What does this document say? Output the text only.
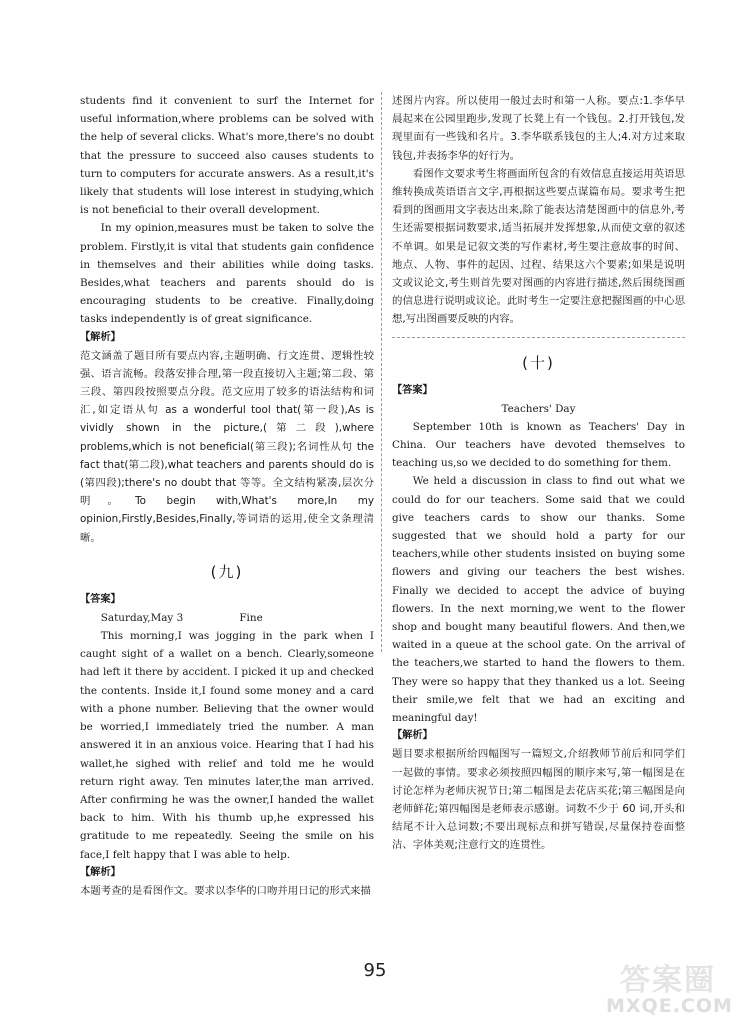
students find it convenient to surf the Internet for useful information,where problems can be solved with the help of several clicks. What's more,there's no doubt that the pressure to succeed also causes students to turn to computers for accurate answers. As a result,it's likely that students will lose interest in studying,which is not beneficial to their overall development.

In my opinion,measures must be taken to solve the problem. Firstly,it is vital that students gain confidence in themselves and their abilities while doing tasks. Besides,what teachers and parents should do is encouraging students to be creative. Finally,doing tasks independently is of great significance.

【解析】

范文涵盖了题目所有要点内容,主题明确、行文连贯、逻辑性较强、语言流畅。段落安排合理,第一段直接切入主题;第二段、第三段、第四段按照要点分段。范文应用了较多的语法结构和词汇,如定语从句 as a wonderful tool that(第一段),As is vividly shown in the picture,(第二段),where problems,which is not beneficial(第三段);名词性从句 the fact that(第二段),what teachers and parents should do is (第四段);there's no doubt that 等等。全文结构紧凑,层次分明。To begin with,What's more,In my opinion,Firstly,Besides,Finally,等词语的运用,使全文条理清晰。

(九)
【答案】

Saturday,May 3                 Fine

This morning,I was jogging in the park when I caught sight of a wallet on a bench. Clearly,someone had left it there by accident. I picked it up and checked the contents. Inside it,I found some money and a card with a phone number. Believing that the owner would be worried,I immediately tried the number. A man answered it in an anxious voice. Hearing that I had his wallet,he sighed with relief and told me he would return right away. Ten minutes later,the man arrived. After confirming he was the owner,I handed the wallet back to him. With his thumb up,he expressed his gratitude to me repeatedly. Seeing the smile on his face,I felt happy that I was able to help.

【解析】

本题考查的是看图作文。要求以李华的口吻并用日记的形式来描

述图片内容。所以使用一般过去时和第一人称。要点:1.李华早晨起来在公园里跑步,发现了长凳上有一个钱包。2.打开钱包,发现里面有一些钱和名片。3.李华联系钱包的主人;4.对方过来取钱包,并表扬李华的好行为。

看图作文要求考生将画面所包含的有效信息直接运用英语思维转换成英语语言文字,再根据这些要点谋篇布局。要求考生把看到的图画用文字表达出来,除了能表达清楚图画中的信息外,考生还需要根据词数要求,适当拓展并发挥想象,从而使文章的叙述不单调。如果是记叙文类的写作素材,考生要注意故事的时间、地点、人物、事件的起因、过程、结果这六个要素;如果是说明文或议论文,考生则首先要对图画的内容进行描述,然后围绕图画的信息进行说明或议论。此时考生一定要注意把握图画的中心思想,写出图画要反映的内容。

(十)
【答案】

Teachers' Day

September 10th is known as Teachers' Day in China. Our teachers have devoted themselves to teaching us,so we decided to do something for them.

We held a discussion in class to find out what we could do for our teachers. Some said that we could give teachers cards to show our thanks. Some suggested that we should hold a party for our teachers,while other students insisted on buying some flowers and giving our teachers the best wishes. Finally we decided to accept the advice of buying flowers. In the next morning,we went to the flower shop and bought many beautiful flowers. And then,we waited in a queue at the school gate. On the arrival of the teachers,we started to hand the flowers to them. They were so happy that they thanked us a lot. Seeing their smile,we felt that we had an exciting and meaningful day!

【解析】

题目要求根据所给四幅图写一篇短文,介绍教师节前后和同学们一起做的事情。要求必须按照四幅图的顺序来写,第一幅图是在讨论怎样为老师庆祝节日;第二幅图是去花店买花;第三幅图是向老师鲜花;第四幅图是老师表示感谢。词数不少于 60 词,开头和结尾不计入总词数;不要出现标点和拼写错误,尽量保持卷面整洁、字体美观;注意行文的连贯性。

95	答案圈
MXQE.COM
